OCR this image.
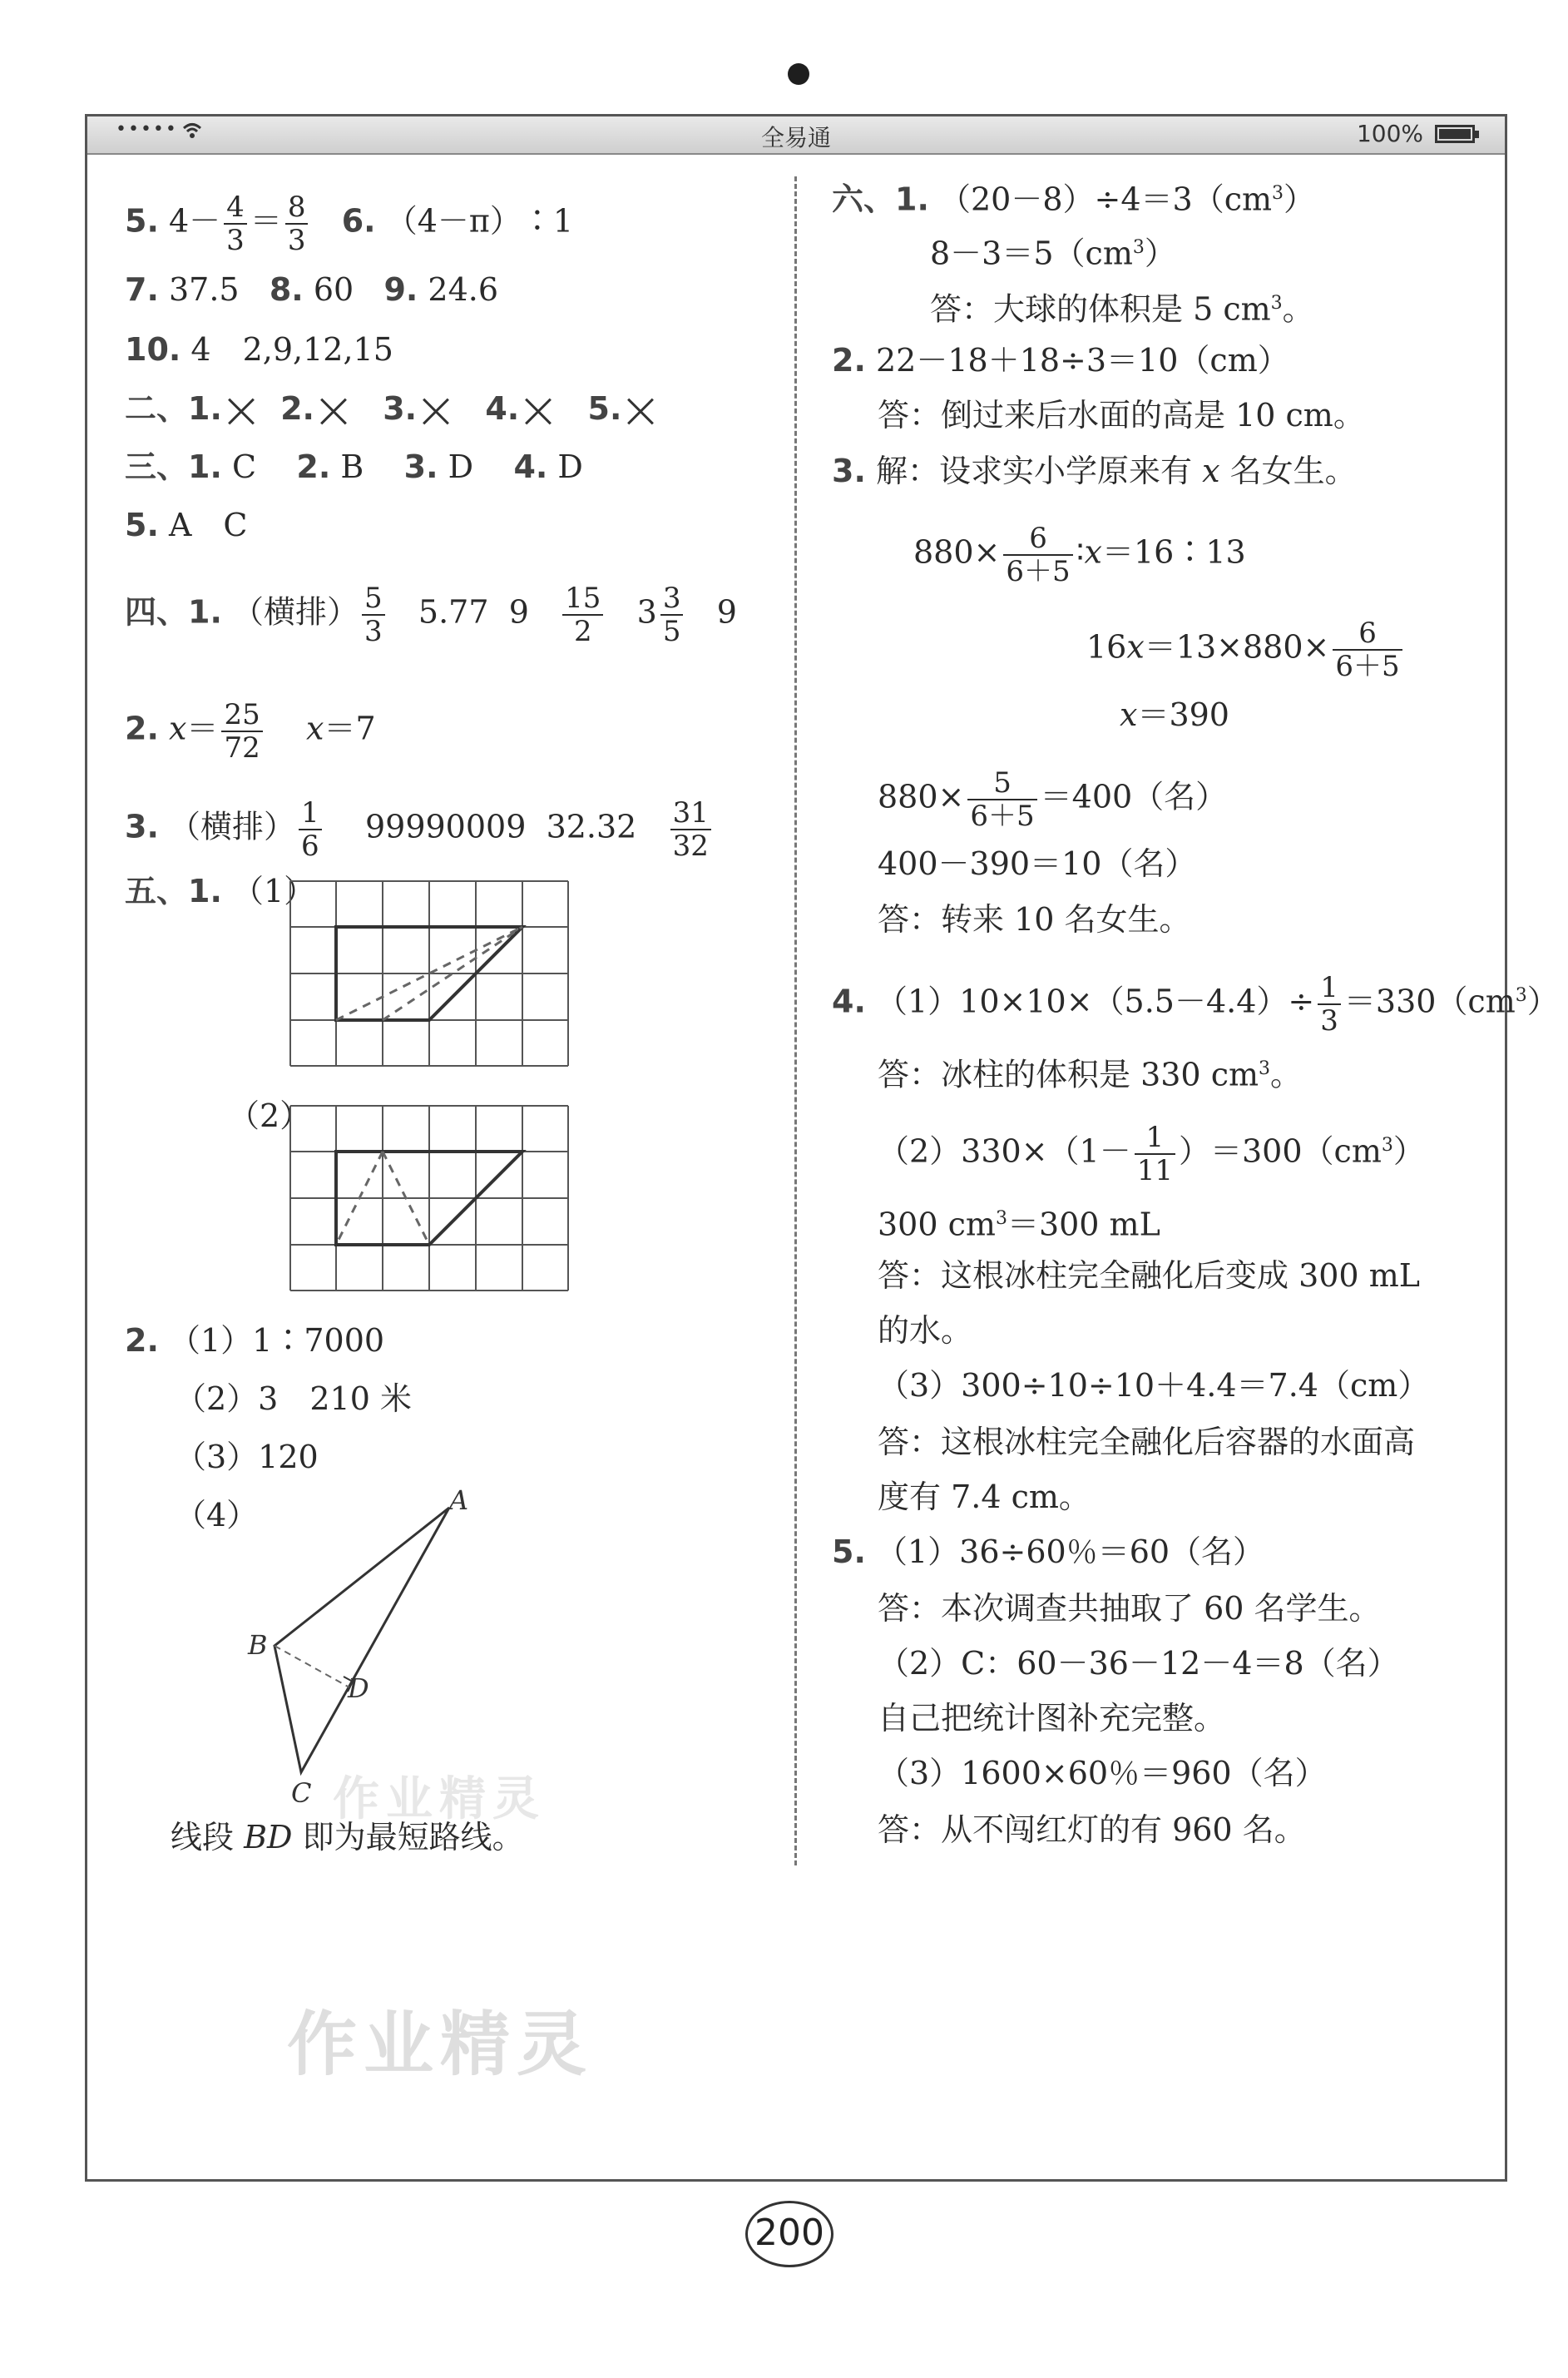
•••••	全易通	100%
5. $4- \frac{4}{3} = \frac{8}{3} 6$. （4－π）∶1
7. 37.5 8. 60 9. 24.6
10. 4　2,9,12,15
二、1. 2. 3. 4. 5.
三、1. C 2. B 3. D 4. D
5. A　C
四、1. （横排） $\frac{5}{3} 5.77$ $9 \frac{15}{2} 3 \frac{3}{5} 9$
2. $x= \frac{25}{72} x=7$
3. （横排） $\frac{1}{6} 99990009$ $32.32 \frac{31}{32}$
五、1. （1）
（2）
2. （1）1∶7000
（2）3　210 米
（3）120
（4）	A
B
C
D
线段 BD 即为最短路线。
六、1. $(20-8)\div 4=3(cm^3)$
$8-3=5(cm^3)$
答：大球的体积是 5 $cm^3$。
2. 22－18＋18÷3＝10（cm）
答：倒过来后水面的高是 10 cm。
3. 解：设求实小学原来有 x 名女生。
$880\times \frac{6}{6+5}$ ∶x＝16∶13
$16x=13\times 880\times \frac{6}{6+5}$
x＝390
$880\times \frac{5}{6+5} =400$（名）
400－390＝10（名）
答：转来 10 名女生。
4. $(1)10\times 10\times(5.5-4.4)\div \frac{1}{3} =330(cm^3)$
答：冰柱的体积是 330 $cm^3$。
$(2)330\times(1- \frac{1}{11} )=300(cm^3)$
300 $cm^3=300$ mL
答：这根冰柱完全融化后变成 300 mL
的水。
（3）300÷10÷10＋4.4＝7.4（cm）
答：这根冰柱完全融化后容器的水面高
度有 7.4 cm。
5. （1）36÷60％＝60（名）
答：本次调查共抽取了 60 名学生。
（2）C：60－36－12－4＝8（名）
自己把统计图补充完整。
（3）1600×60％＝960（名）
答：从不闯红灯的有 960 名。
作业精灵
作业精灵
200
